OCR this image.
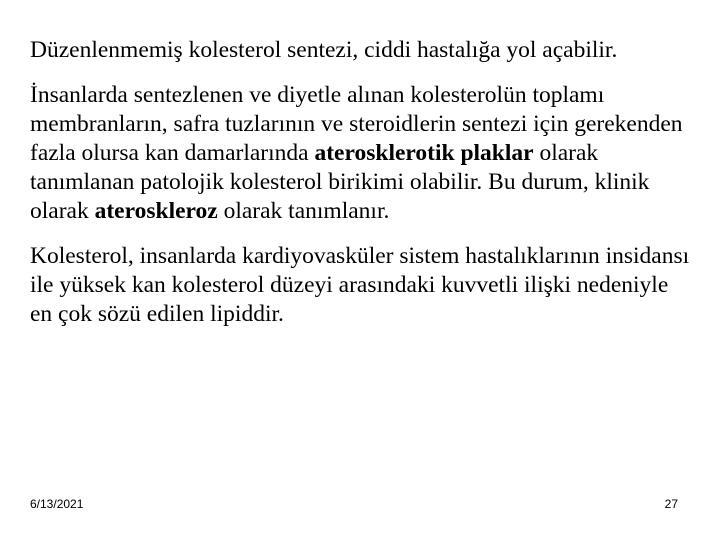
Düzenlenmemiş kolesterol sentezi, ciddi hastalığa yol açabilir.

İnsanlarda sentezlenen ve diyetle alınan kolesterolün toplamı membranların, safra tuzlarının ve steroidlerin sentezi için gerekenden fazla olursa kan damarlarında aterosklerotik plaklar olarak tanımlanan patolojik kolesterol birikimi olabilir. Bu durum, klinik olarak ateroskleroz olarak tanımlanır.

Kolesterol, insanlarda kardiyovasküler sistem hastalıklarının insidansı ile yüksek kan kolesterol düzeyi arasındaki kuvvetli ilişki nedeniyle en çok sözü edilen lipiddir.

6/13/2021	27
